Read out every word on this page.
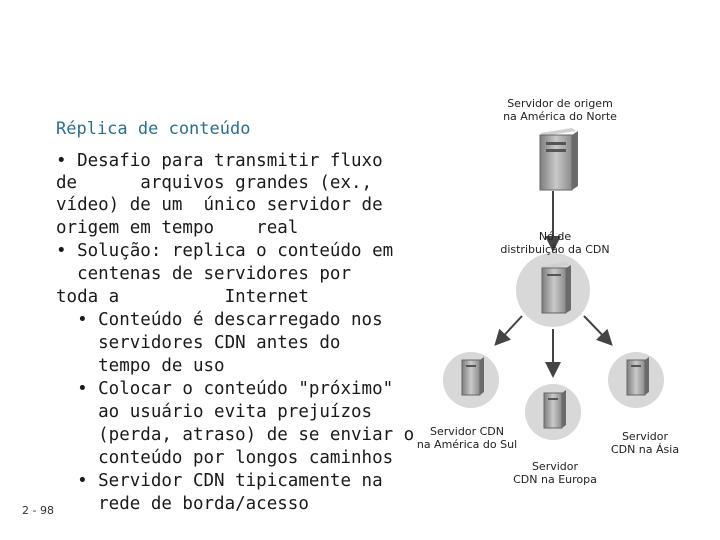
Réplica de conteúdo
• Desafio para transmitir fluxo
de      arquivos grandes (ex.,
vídeo) de um  único servidor de
origem em tempo    real
• Solução: replica o conteúdo em
centenas de servidores por
toda a          Internet
• Conteúdo é descarregado nos
servidores CDN antes do
tempo de uso
• Colocar o conteúdo "próximo"
ao usuário evita prejuízos
(perda, atraso) de se enviar o
conteúdo por longos caminhos
• Servidor CDN tipicamente na
rede de borda/acesso
2 - 98
Servidor de origem
na América do Norte
Nó de
distribuição da CDN
Servidor CDN
na América do Sul
Servidor
CDN na Europa
Servidor
CDN na Ásia
